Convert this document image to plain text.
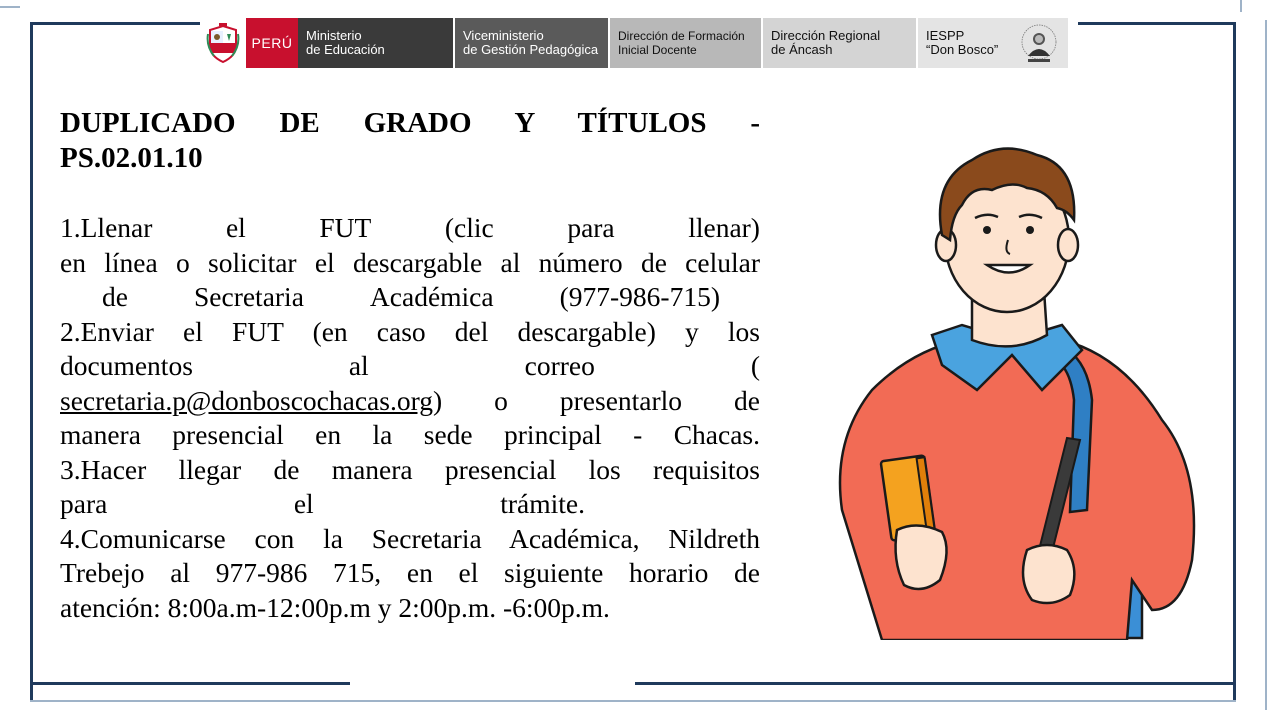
PERÚ	Ministerio
de Educación
Viceministerio
de Gestión Pedagógica
Dirección de Formación
Inicial Docente
Dirección Regional
de Áncash
IESPP
“Don Bosco”
DUPLICADO DE GRADO Y TÍTULOS -
PS.02.01.10
1.Llenar	el	FUT	(clic	para	llenar)
en línea o solicitar el descargable al número de celular
de Secretaria Académica (977-986-715)
2.Enviar el FUT (en caso del descargable) y los
documentos	al	correo	(
secretaria.p@donboscochacas.org ) o presentarlo de
manera presencial en la sede principal - Chacas.
3.Hacer llegar de manera presencial los requisitos
para	el	trámite.
4.Comunicarse con la Secretaria Académica, Nildreth
Trebejo al 977-986 715, en el siguiente horario de
atención: 8:00a.m-12:00p.m y 2:00p.m. -6:00p.m.
